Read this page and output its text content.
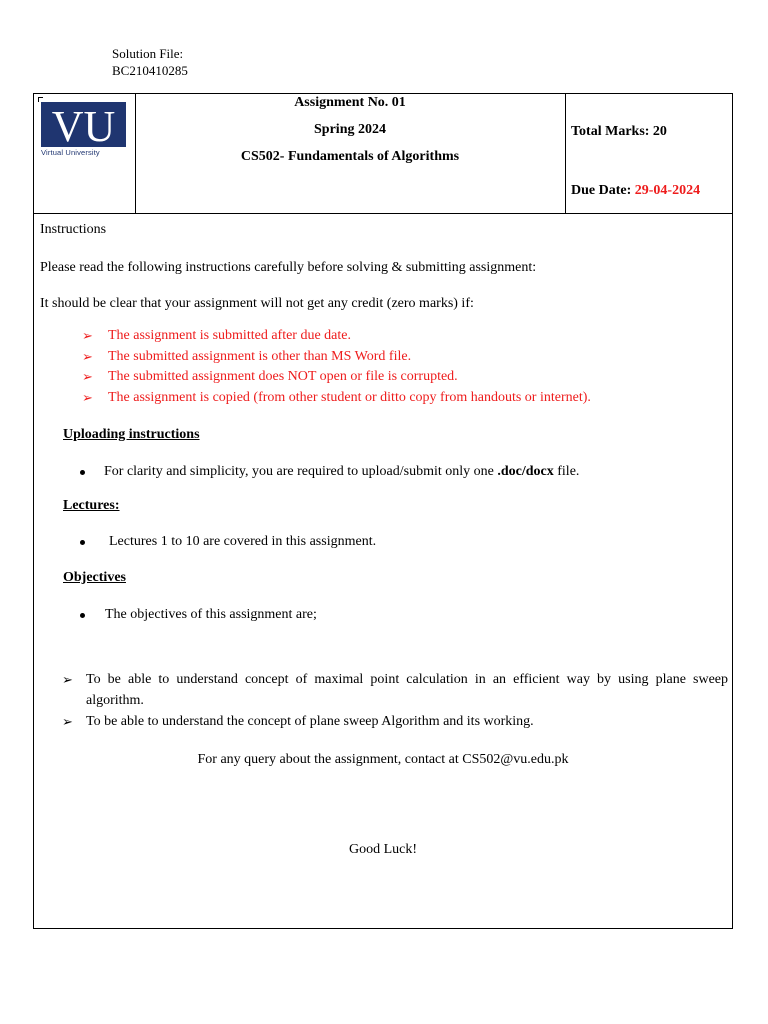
Solution File:
BC210410285
VU
Virtual University
Assignment No. 01
Spring 2024
CS502- Fundamentals of Algorithms
Total Marks: 20
Due Date: 29-04-2024
Instructions
Please read the following instructions carefully before solving & submitting assignment:
It should be clear that your assignment will not get any credit (zero marks) if:
➢ The assignment is submitted after due date.
➢ The submitted assignment is other than MS Word file.
➢ The submitted assignment does NOT open or file is corrupted.
➢ The assignment is copied (from other student or ditto copy from handouts or internet).
Uploading instructions
For clarity and simplicity, you are required to upload/submit only one .doc/docx file.
Lectures:
Lectures 1 to 10 are covered in this assignment.
Objectives
The objectives of this assignment are;
➢ To be able to understand concept of maximal point calculation in an efficient way by using plane sweep algorithm.
➢ To be able to understand the concept of plane sweep Algorithm and its working.
For any query about the assignment, contact at CS502@vu.edu.pk
Good Luck!
